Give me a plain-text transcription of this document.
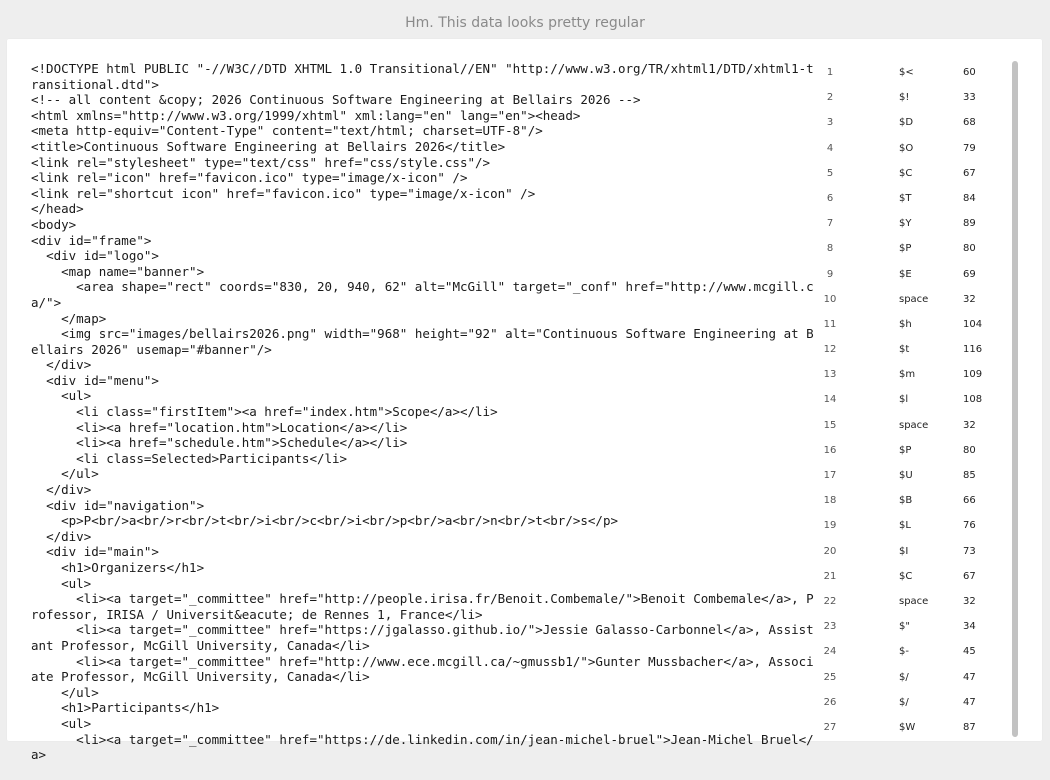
Hm. This data looks pretty regular
<!DOCTYPE html PUBLIC "-//W3C//DTD XHTML 1.0 Transitional//EN" "http://www.w3.org/TR/xhtml1/DTD/xhtml1-transitional.dtd">
<!-- all content &copy; 2026 Continuous Software Engineering at Bellairs 2026 -->
<html xmlns="http://www.w3.org/1999/xhtml" xml:lang="en" lang="en"><head>
<meta http-equiv="Content-Type" content="text/html; charset=UTF-8"/>
<title>Continuous Software Engineering at Bellairs 2026</title>
<link rel="stylesheet" type="text/css" href="css/style.css"/>
<link rel="icon" href="favicon.ico" type="image/x-icon" />
<link rel="shortcut icon" href="favicon.ico" type="image/x-icon" />
</head>
<body>
<div id="frame">
<div id="logo">
<map name="banner">
<area shape="rect" coords="830, 20, 940, 62" alt="McGill" target="_conf" href="http://www.mcgill.ca/">
</map>
<img src="images/bellairs2026.png" width="968" height="92" alt="Continuous Software Engineering at Bellairs 2026" usemap="#banner"/>
</div>
<div id="menu">
<ul>
<li class="firstItem"><a href="index.htm">Scope</a></li>
<li><a href="location.htm">Location</a></li>
<li><a href="schedule.htm">Schedule</a></li>
<li class=Selected>Participants</li>
</ul>
</div>
<div id="navigation">
<p>P<br/>a<br/>r<br/>t<br/>i<br/>c<br/>i<br/>p<br/>a<br/>n<br/>t<br/>s</p>
</div>
<div id="main">
<h1>Organizers</h1>
<ul>
<li><a target="_committee" href="http://people.irisa.fr/Benoit.Combemale/">Benoit Combemale</a>, Professor, IRISA / Universit&eacute; de Rennes 1, France</li>
<li><a target="_committee" href="https://jgalasso.github.io/">Jessie Galasso-Carbonnel</a>, Assistant Professor, McGill University, Canada</li>
<li><a target="_committee" href="http://www.ece.mcgill.ca/~gmussb1/">Gunter Mussbacher</a>, Associate Professor, McGill University, Canada</li>
</ul>
<h1>Participants</h1>
<ul>
<li><a target="_committee" href="https://de.linkedin.com/in/jean-michel-bruel">Jean-Michel Bruel</a>

1	$<	60
2	$!	33
3	$D	68
4	$O	79
5	$C	67
6	$T	84
7	$Y	89
8	$P	80
9	$E	69
10	space	32
11	$h	104
12	$t	116
13	$m	109
14	$l	108
15	space	32
16	$P	80
17	$U	85
18	$B	66
19	$L	76
20	$I	73
21	$C	67
22	space	32
23	$"	34
24	$-	45
25	$/	47
26	$/	47
27	$W	87
